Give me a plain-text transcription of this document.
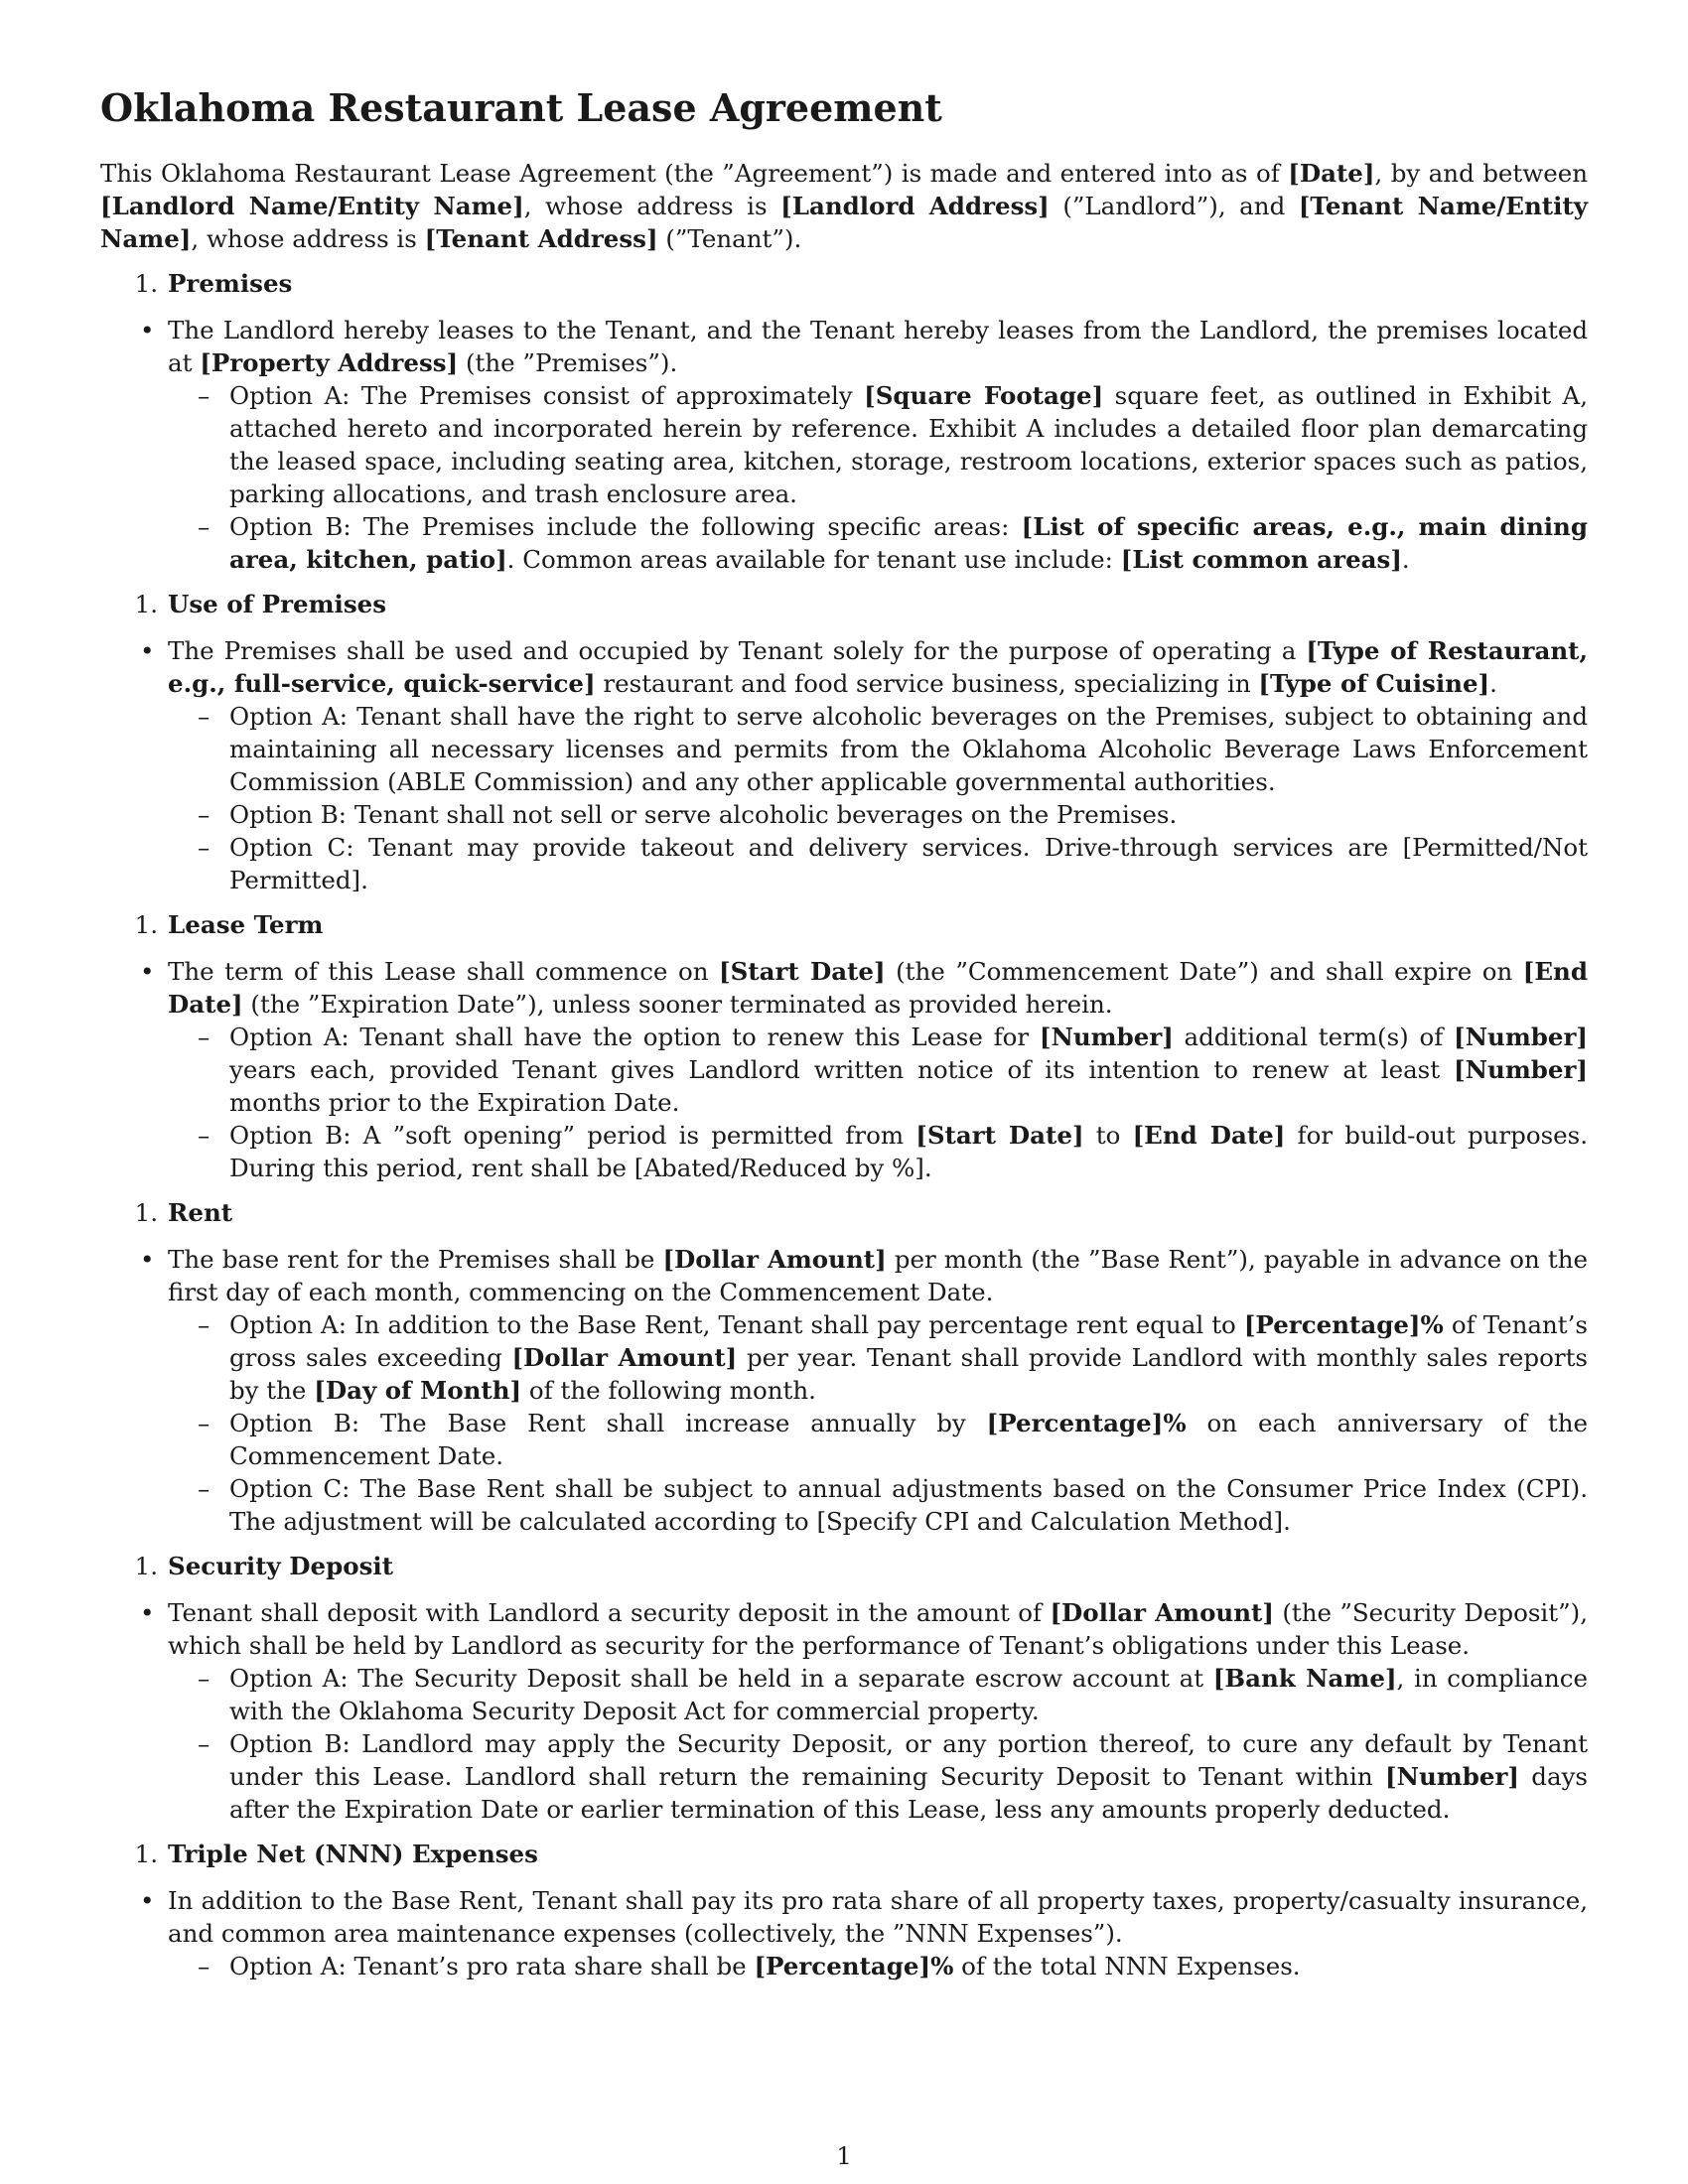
Oklahoma Restaurant Lease Agreement

This Oklahoma Restaurant Lease Agreement (the ”Agreement”) is made and entered into as of [Date], by and between [Landlord Name/Entity Name], whose address is [Landlord Address] (”Landlord”), and [Tenant Name/Entity Name], whose address is [Tenant Address] (”Tenant”).

1. Premises
• The Landlord hereby leases to the Tenant, and the Tenant hereby leases from the Landlord, the premises located at [Property Address] (the ”Premises”).
– Option A: The Premises consist of approximately [Square Footage] square feet, as outlined in Exhibit A, attached hereto and incorporated herein by reference. Exhibit A includes a detailed floor plan demarcating the leased space, including seating area, kitchen, storage, restroom locations, exterior spaces such as patios, parking allocations, and trash enclosure area.
– Option B: The Premises include the following specific areas: [List of specific areas, e.g., main dining area, kitchen, patio]. Common areas available for tenant use include: [List common areas].
1. Use of Premises
• The Premises shall be used and occupied by Tenant solely for the purpose of operating a [Type of Restaurant, e.g., full-service, quick-service] restaurant and food service business, specializing in [Type of Cuisine].
– Option A: Tenant shall have the right to serve alcoholic beverages on the Premises, subject to obtaining and maintaining all necessary licenses and permits from the Oklahoma Alcoholic Beverage Laws Enforcement Commission (ABLE Commission) and any other applicable governmental authorities.
– Option B: Tenant shall not sell or serve alcoholic beverages on the Premises.
– Option C: Tenant may provide takeout and delivery services. Drive-through services are [Permitted/Not Permitted].
1. Lease Term
• The term of this Lease shall commence on [Start Date] (the ”Commencement Date”) and shall expire on [End Date] (the ”Expiration Date”), unless sooner terminated as provided herein.
– Option A: Tenant shall have the option to renew this Lease for [Number] additional term(s) of [Number] years each, provided Tenant gives Landlord written notice of its intention to renew at least [Number] months prior to the Expiration Date.
– Option B: A ”soft opening” period is permitted from [Start Date] to [End Date] for build-out purposes. During this period, rent shall be [Abated/Reduced by %].
1. Rent
• The base rent for the Premises shall be [Dollar Amount] per month (the ”Base Rent”), payable in advance on the first day of each month, commencing on the Commencement Date.
– Option A: In addition to the Base Rent, Tenant shall pay percentage rent equal to [Percentage]% of Tenant’s gross sales exceeding [Dollar Amount] per year. Tenant shall provide Landlord with monthly sales reports by the [Day of Month] of the following month.
– Option B: The Base Rent shall increase annually by [Percentage]% on each anniversary of the Commencement Date.
– Option C: The Base Rent shall be subject to annual adjustments based on the Consumer Price Index (CPI). The adjustment will be calculated according to [Specify CPI and Calculation Method].
1. Security Deposit
• Tenant shall deposit with Landlord a security deposit in the amount of [Dollar Amount] (the ”Security Deposit”), which shall be held by Landlord as security for the performance of Tenant’s obligations under this Lease.
– Option A: The Security Deposit shall be held in a separate escrow account at [Bank Name], in compliance with the Oklahoma Security Deposit Act for commercial property.
– Option B: Landlord may apply the Security Deposit, or any portion thereof, to cure any default by Tenant under this Lease. Landlord shall return the remaining Security Deposit to Tenant within [Number] days after the Expiration Date or earlier termination of this Lease, less any amounts properly deducted.
1. Triple Net (NNN) Expenses
• In addition to the Base Rent, Tenant shall pay its pro rata share of all property taxes, property/casualty insurance, and common area maintenance expenses (collectively, the ”NNN Expenses”).
– Option A: Tenant’s pro rata share shall be [Percentage]% of the total NNN Expenses.
1
